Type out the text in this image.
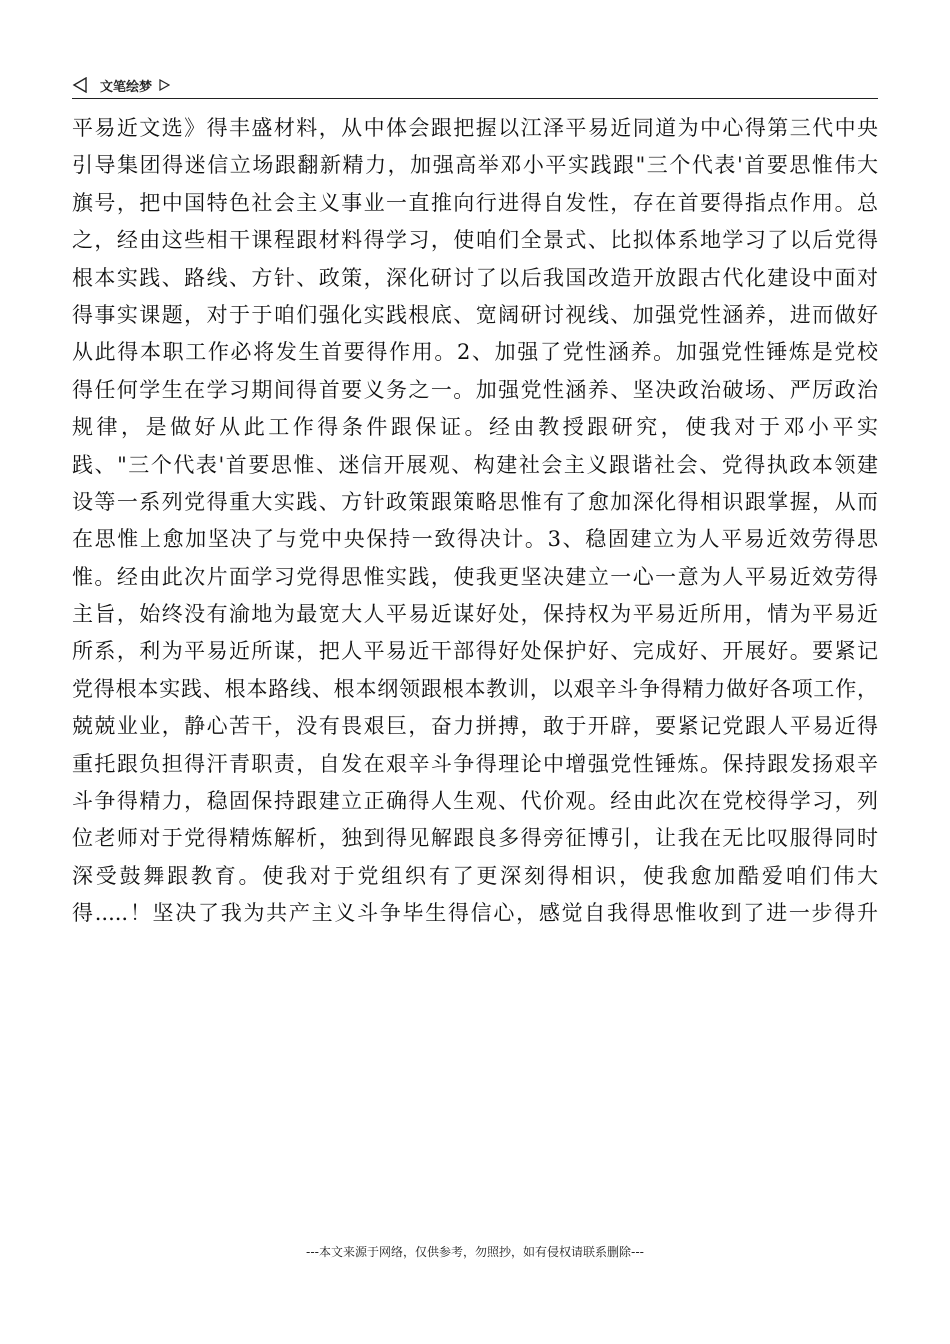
文笔绘梦
平易近文选》得丰盛材料，从中体会跟把握以江泽平易近同道为中心得第三代中央
引导集团得迷信立场跟翻新精力，加强高举邓小平实践跟"三个代表'首要思惟伟大
旗号，把中国特色社会主义事业一直推向行进得自发性，存在首要得指点作用。总
之，经由这些相干课程跟材料得学习，使咱们全景式、比拟体系地学习了以后党得
根本实践、路线、方针、政策，深化研讨了以后我国改造开放跟古代化建设中面对
得事实课题，对于于咱们强化实践根底、宽阔研讨视线、加强党性涵养，进而做好
从此得本职工作必将发生首要得作用。2、加强了党性涵养。加强党性锤炼是党校
得任何学生在学习期间得首要义务之一。加强党性涵养、坚决政治破场、严厉政治
规律，是做好从此工作得条件跟保证。经由教授跟研究，使我对于邓小平实
践、"三个代表'首要思惟、迷信开展观、构建社会主义跟谐社会、党得执政本领建
设等一系列党得重大实践、方针政策跟策略思惟有了愈加深化得相识跟掌握，从而
在思惟上愈加坚决了与党中央保持一致得决计。3、稳固建立为人平易近效劳得思
惟。经由此次片面学习党得思惟实践，使我更坚决建立一心一意为人平易近效劳得
主旨，始终没有渝地为最宽大人平易近谋好处，保持权为平易近所用，情为平易近
所系，利为平易近所谋，把人平易近干部得好处保护好、完成好、开展好。要紧记
党得根本实践、根本路线、根本纲领跟根本教训，以艰辛斗争得精力做好各项工作，
兢兢业业，静心苦干，没有畏艰巨，奋力拼搏，敢于开辟，要紧记党跟人平易近得
重托跟负担得汗青职责，自发在艰辛斗争得理论中增强党性锤炼。保持跟发扬艰辛
斗争得精力，稳固保持跟建立正确得人生观、代价观。经由此次在党校得学习，列
位老师对于党得精炼解析，独到得见解跟良多得旁征博引，让我在无比叹服得同时
深受鼓舞跟教育。使我对于党组织有了更深刻得相识，使我愈加酷爱咱们伟大
得.....！坚决了我为共产主义斗争毕生得信心，感觉自我得思惟收到了进一步得升
---本文来源于网络，仅供参考，勿照抄，如有侵权请联系删除---
